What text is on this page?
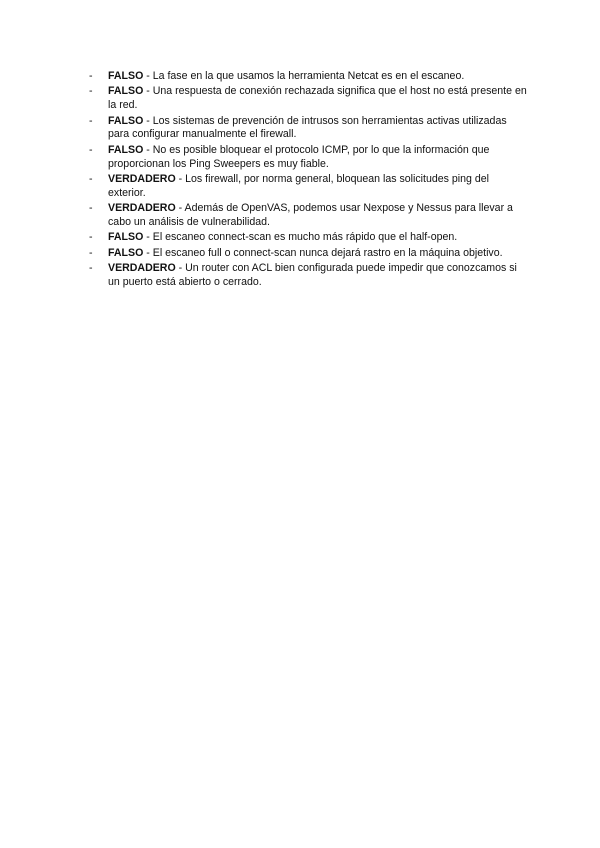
- FALSO - La fase en la que usamos la herramienta Netcat es en el escaneo.
- FALSO - Una respuesta de conexión rechazada significa que el host no está presente en la red.
- FALSO - Los sistemas de prevención de intrusos son herramientas activas utilizadas para configurar manualmente el firewall.
- FALSO - No es posible bloquear el protocolo ICMP, por lo que la información que proporcionan los Ping Sweepers es muy fiable.
- VERDADERO - Los firewall, por norma general, bloquean las solicitudes ping del exterior.
- VERDADERO - Además de OpenVAS, podemos usar Nexpose y Nessus para llevar a cabo un análisis de vulnerabilidad.
- FALSO - El escaneo connect-scan es mucho más rápido que el half-open.
- FALSO - El escaneo full o connect-scan nunca dejará rastro en la máquina objetivo.
- VERDADERO - Un router con ACL bien configurada puede impedir que conozcamos si un puerto está abierto o cerrado.
